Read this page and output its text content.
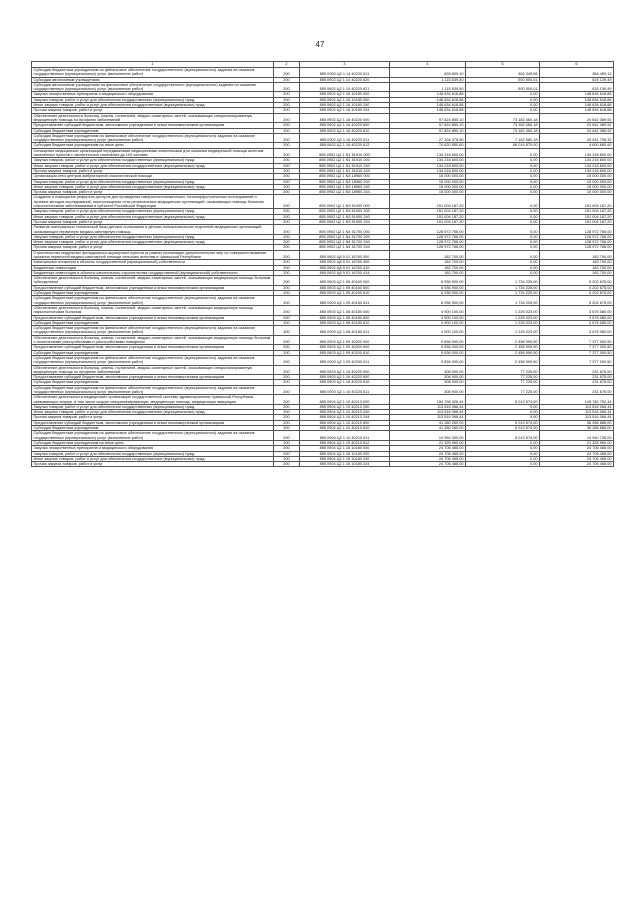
47
1	2	3	4	5	6
Субсидии бюджетным учреждениям на финансовое обеспечение государственного (муниципального) задания на оказание государственных (муниципальных) услуг (выполнение работ)	200	855 0902 Ц2 1 14 40220 611	828 809,10	462 349,98	366 459,12
Субсидии автономным учреждениям	200	855 0902 Ц2 1 14 40220 620	1 115 639,50	500 500,01	615 139,49
Субсидии автономным учреждениям на финансовое обеспечение государственного (муниципального) задания на оказание государственных (муниципальных) услуг (выполнение работ)	200	855 0902 Ц2 1 14 40220 621	1 115 639,50	500 500,01	615 139,49
Закупка лекарственных препаратов и медицинского оборудования	200	855 0902 Ц2 1 16 10180 000	148 634 618,88	0,00	148 634 618,88
Закупка товаров, работ и услуг для обеспечения государственных (муниципальных) нужд	200	855 0902 Ц2 1 16 10180 200	148 634 618,88	0,00	148 634 618,88
Иные закупки товаров, работ и услуг для обеспечения государственных (муниципальных) нужд	200	855 0902 Ц2 1 16 10180 240	148 634 618,88	0,00	148 634 618,88
Прочая закупка товаров, работ и услуг	200	855 0902 Ц2 1 16 10180 244	148 634 618,88	0,00	148 634 618,88
Обеспечение деятельности больниц, клиник, госпиталей, медико-санитарных частей, оказывающих специализированную медицинскую помощь по профилю заболеваний	200	855 0902 Ц2 1 16 40220 000	97 824 850,10	73 182 460,18	24 642 389,92
Предоставление субсидий бюджетным, автономным учреждениям и иным некоммерческим организациям	200	855 0902 Ц2 1 16 40220 600	97 824 850,10	73 182 460,18	24 642 389,92
Субсидии бюджетным учреждениям	200	855 0902 Ц2 1 16 40220 610	97 824 850,10	73 182 460,18	24 642 389,92
Субсидии бюджетным учреждениям на финансовое обеспечение государственного (муниципального) задания на оказание государственных (муниципальных) услуг (выполнение работ)	200	855 0902 Ц2 1 16 40220 611	27 204 375,50	7 162 580,18	20 041 795,32
Субсидии бюджетным учреждениям на иные цели	200	855 0902 Ц2 1 16 40220 612	70 620 550,60	66 019 870,00	4 600 680,60
Оснащение медицинских организаций передвижными медицинскими комплексами для оказания медицинской помощи жителям населенных пунктов с численностью населения до 100 человек	200	855 0902 Ц2 1 N1 51910 000	134 218 600,00	0,00	134 218 600,00
Закупка товаров, работ и услуг для обеспечения государственных (муниципальных) нужд	200	855 0902 Ц2 1 N1 51910 200	134 218 600,00	0,00	134 218 600,00
Иные закупки товаров, работ и услуг для обеспечения государственных (муниципальных) нужд	200	855 0902 Ц2 1 N1 51910 240	134 218 600,00	0,00	134 218 600,00
Прочая закупка товаров, работ и услуг	200	855 0902 Ц2 1 N1 51910 244	134 218 600,00	0,00	134 218 600,00
Организация сети центров амбулаторной онкологической помощи	200	855 0902 Ц2 1 N3 18960 000	15 000 000,00	0,00	15 000 000,00
Закупка товаров, работ и услуг для обеспечения государственных (муниципальных) нужд	200	855 0902 Ц2 1 N3 18960 200	15 000 000,00	0,00	15 000 000,00
Иные закупки товаров, работ и услуг для обеспечения государственных (муниципальных) нужд	200	855 0902 Ц2 1 N3 18960 240	15 000 000,00	0,00	15 000 000,00
Прочая закупка товаров, работ и услуг	200	855 0902 Ц2 1 N3 18960 244	15 000 000,00	0,00	15 000 000,00
Создание и помощение референс-центров для проведения иммуногистохимических, патоморфологических исследований и лучевых методов исследований, переоснащение сети региональных медицинских организаций, оказывающих помощь больным онкологическими заболеваниями в субъекте Российской Федерации	200	855 0902 Ц2 1 N3 51900 000	151 004 187,20	0,00	151 004 187,20
Закупка товаров, работ и услуг для обеспечения государственных (муниципальных) нужд	200	855 0902 Ц2 1 N3 51900 200	151 004 187,20	0,00	151 004 187,20
Иные закупки товаров, работ и услуг для обеспечения государственных (муниципальных) нужд	200	855 0902 Ц2 1 N3 51900 240	151 004 187,20	0,00	151 004 187,20
Прочая закупка товаров, работ и услуг	200	855 0902 Ц2 1 N3 51900 244	151 004 187,20	0,00	151 004 187,20
Развитие материально-технической базы детских поликлиник и детских поликлинических отделений медицинских организаций, оказывающих первичную медико-санитарную помощь	200	855 0902 Ц2 1 N4 51700 000	128 972 766,00	0,00	128 972 766,00
Закупка товаров, работ и услуг для обеспечения государственных (муниципальных) нужд	200	855 0902 Ц2 1 N4 51700 200	128 972 766,00	0,00	128 972 766,00
Иные закупки товаров, работ и услуг для обеспечения государственных (муниципальных) нужд	200	855 0902 Ц2 1 N4 51700 240	128 972 766,00	0,00	128 972 766,00
Прочая закупка товаров, работ и услуг	200	855 0902 Ц2 1 N4 51700 244	128 972 766,00	0,00	128 972 766,00
Строительство модульных фельдшерско-акушерских пунктов (в рамках реализации дополнительных мер по совершенствованию оказания первичной медико-санитарной помощи сельским жителям в Чувашской Республике	200	855 0902 Ц8 9 01 16760 000	182 700,00	0,00	182 700,00
Капитальные вложения в объекты государственной (муниципальной) собственности	200	855 0902 Ц8 9 01 16760 400	182 700,00	0,00	182 700,00
Бюджетные инвестиции	200	855 0902 Ц8 9 01 16760 410	182 700,00	0,00	182 700,00
Бюджетные инвестиции в объекты капитального строительства государственной (муниципальной) собственности	200	855 0902 Ц8 9 01 16760 414	182 700,00	0,00	182 700,00
Обеспечение деятельности больниц, клиник, госпиталей, медико-санитарных частей, оказывающих медицинскую помощь больным туберкулезом	200	855 0903 Ц2 1 05 40160 000	6 936 900,00	1 734 225,00	5 202 675,00
Предоставление субсидий бюджетным, автономным учреждениям и иным некоммерческим организациям	200	855 0903 Ц2 1 05 40160 600	6 936 900,00	1 734 225,00	5 202 675,00
Субсидии бюджетным учреждениям	200	855 0903 Ц2 1 05 40160 610	6 936 900,00	1 734 225,00	5 202 675,00
Субсидии бюджетным учреждениям на финансовое обеспечение государственного (муниципального) задания на оказание государственных (муниципальных) услуг (выполнение работ)	200	855 0903 Ц2 1 05 40160 611	6 936 900,00	1 734 225,00	5 202 675,00
Обеспечение деятельности больниц, клиник, госпиталей, медико-санитарных частей, оказывающих медицинскую помощь наркологическим больным	200	855 0903 Ц2 1 08 40180 000	4 900 100,00	1 225 023,00	3 675 080,00
Предоставление субсидий бюджетным, автономным учреждениям и иным некоммерческим организациям	200	855 0903 Ц2 1 08 40180 600	4 900 100,00	1 225 023,00	3 675 080,00
Субсидии бюджетным учреждениям	200	855 0903 Ц2 1 08 40180 610	4 900 100,00	1 225 023,00	3 675 080,00
Субсидии бюджетным учреждениям на финансовое обеспечение государственного (муниципального) задания на оказание государственных (муниципальных) услуг (выполнение работ)	200	855 0903 Ц2 1 08 40180 611	4 900 100,00	1 225 023,00	3 675 080,00
Обеспечение деятельности больниц, клиник, госпиталей, медико-санитарных частей, оказывающих медицинскую помощь больным с психическими расстройствами и расстройствами поведения	200	855 0903 Ц2 1 09 40200 000	9 836 000,00	2 458 999,50	7 377 000,50
Предоставление субсидий бюджетным, автономным учреждениям и иным некоммерческим организациям	200	855 0903 Ц2 1 09 40200 600	9 836 000,00	2 458 999,50	7 377 000,50
Субсидии бюджетным учреждениям	200	855 0903 Ц2 1 09 40200 610	9 836 000,00	2 458 999,50	7 377 000,50
Субсидии бюджетным учреждениям на финансовое обеспечение государственного (муниципального) задания на оказание государственных (муниципальных) услуг (выполнение работ)	200	855 0903 Ц2 1 09 40200 611	9 836 000,00	2 458 999,50	7 377 000,50
Обеспечение деятельности больниц, клиник, госпиталей, медико-санитарных частей, оказывающих специализированную медицинскую помощь по профилю заболеваний	200	855 0903 Ц2 1 16 40220 000	308 900,00	77 225,00	231 675,00
Предоставление субсидий бюджетным, автономным учреждениям и иным некоммерческим организациям	200	855 0903 Ц2 1 16 40220 600	308 900,00	77 225,00	231 675,00
Субсидии бюджетным учреждениям	200	855 0903 Ц2 1 16 40220 610	308 900,00	77 225,00	231 675,00
Субсидии бюджетным учреждениям на финансовое обеспечение государственного (муниципального) задания на оказание государственных (муниципальных) услуг (выполнение работ)	200	855 0903 Ц2 1 16 40220 611	308 900,00	77 225,00	231 675,00
Обеспечение деятельности медицинских организаций государственной системы здравоохранения Чувашской Республики, оказывающих скорую, в том числе скорую специализированную, медицинскую помощь, медицинскую эвакуацию	200	855 0904 Ц2 1 10 40210 000	154 796 326,44	5 013 574,00	149 782 752,44
Закупка товаров, работ и услуг для обеспечения государственных (муниципальных) нужд	200	855 0904 Ц2 1 10 40210 200	113 516 066,44	0,00	113 516 066,44
Иные закупки товаров, работ и услуг для обеспечения государственных (муниципальных) нужд	200	855 0904 Ц2 1 10 40210 240	113 516 066,44	0,00	113 516 066,44
Прочая закупка товаров, работ и услуг	200	855 0904 Ц2 1 10 40210 244	113 516 066,44	0,00	113 516 066,44
Предоставление субсидий бюджетным, автономным учреждениям и иным некоммерческим организациям	200	855 0904 Ц2 1 10 40210 600	41 280 260,00	5 013 574,00	36 266 686,00
Субсидии бюджетным учреждениям	200	855 0904 Ц2 1 10 40210 610	41 280 260,00	5 013 574,00	36 266 686,00
Субсидии бюджетным учреждениям на финансовое обеспечение государственного (муниципального) задания на оказание государственных (муниципальных) услуг (выполнение работ)	200	855 0904 Ц2 1 10 40210 611	19 954 300,00	5 013 574,00	14 940 726,00
Субсидии бюджетным учреждениям на иные цели	200	855 0904 Ц2 1 10 40210 612	21 325 960,00	0,00	21 325 960,00
Закупка лекарственных препаратов и медицинского оборудования	200	855 0904 Ц2 1 16 10180 000	24 706 465,00	0,00	24 706 465,00
Закупка товаров, работ и услуг для обеспечения государственных (муниципальных) нужд	200	855 0904 Ц2 1 16 10180 200	24 706 465,00	0,00	24 706 465,00
Иные закупки товаров, работ и услуг для обеспечения государственных (муниципальных) нужд	200	855 0904 Ц2 1 16 10180 240	24 706 465,00	0,00	24 706 465,00
Прочая закупка товаров, работ и услуг	200	855 0904 Ц2 1 16 10180 244	24 706 465,00	0,00	24 706 465,00
